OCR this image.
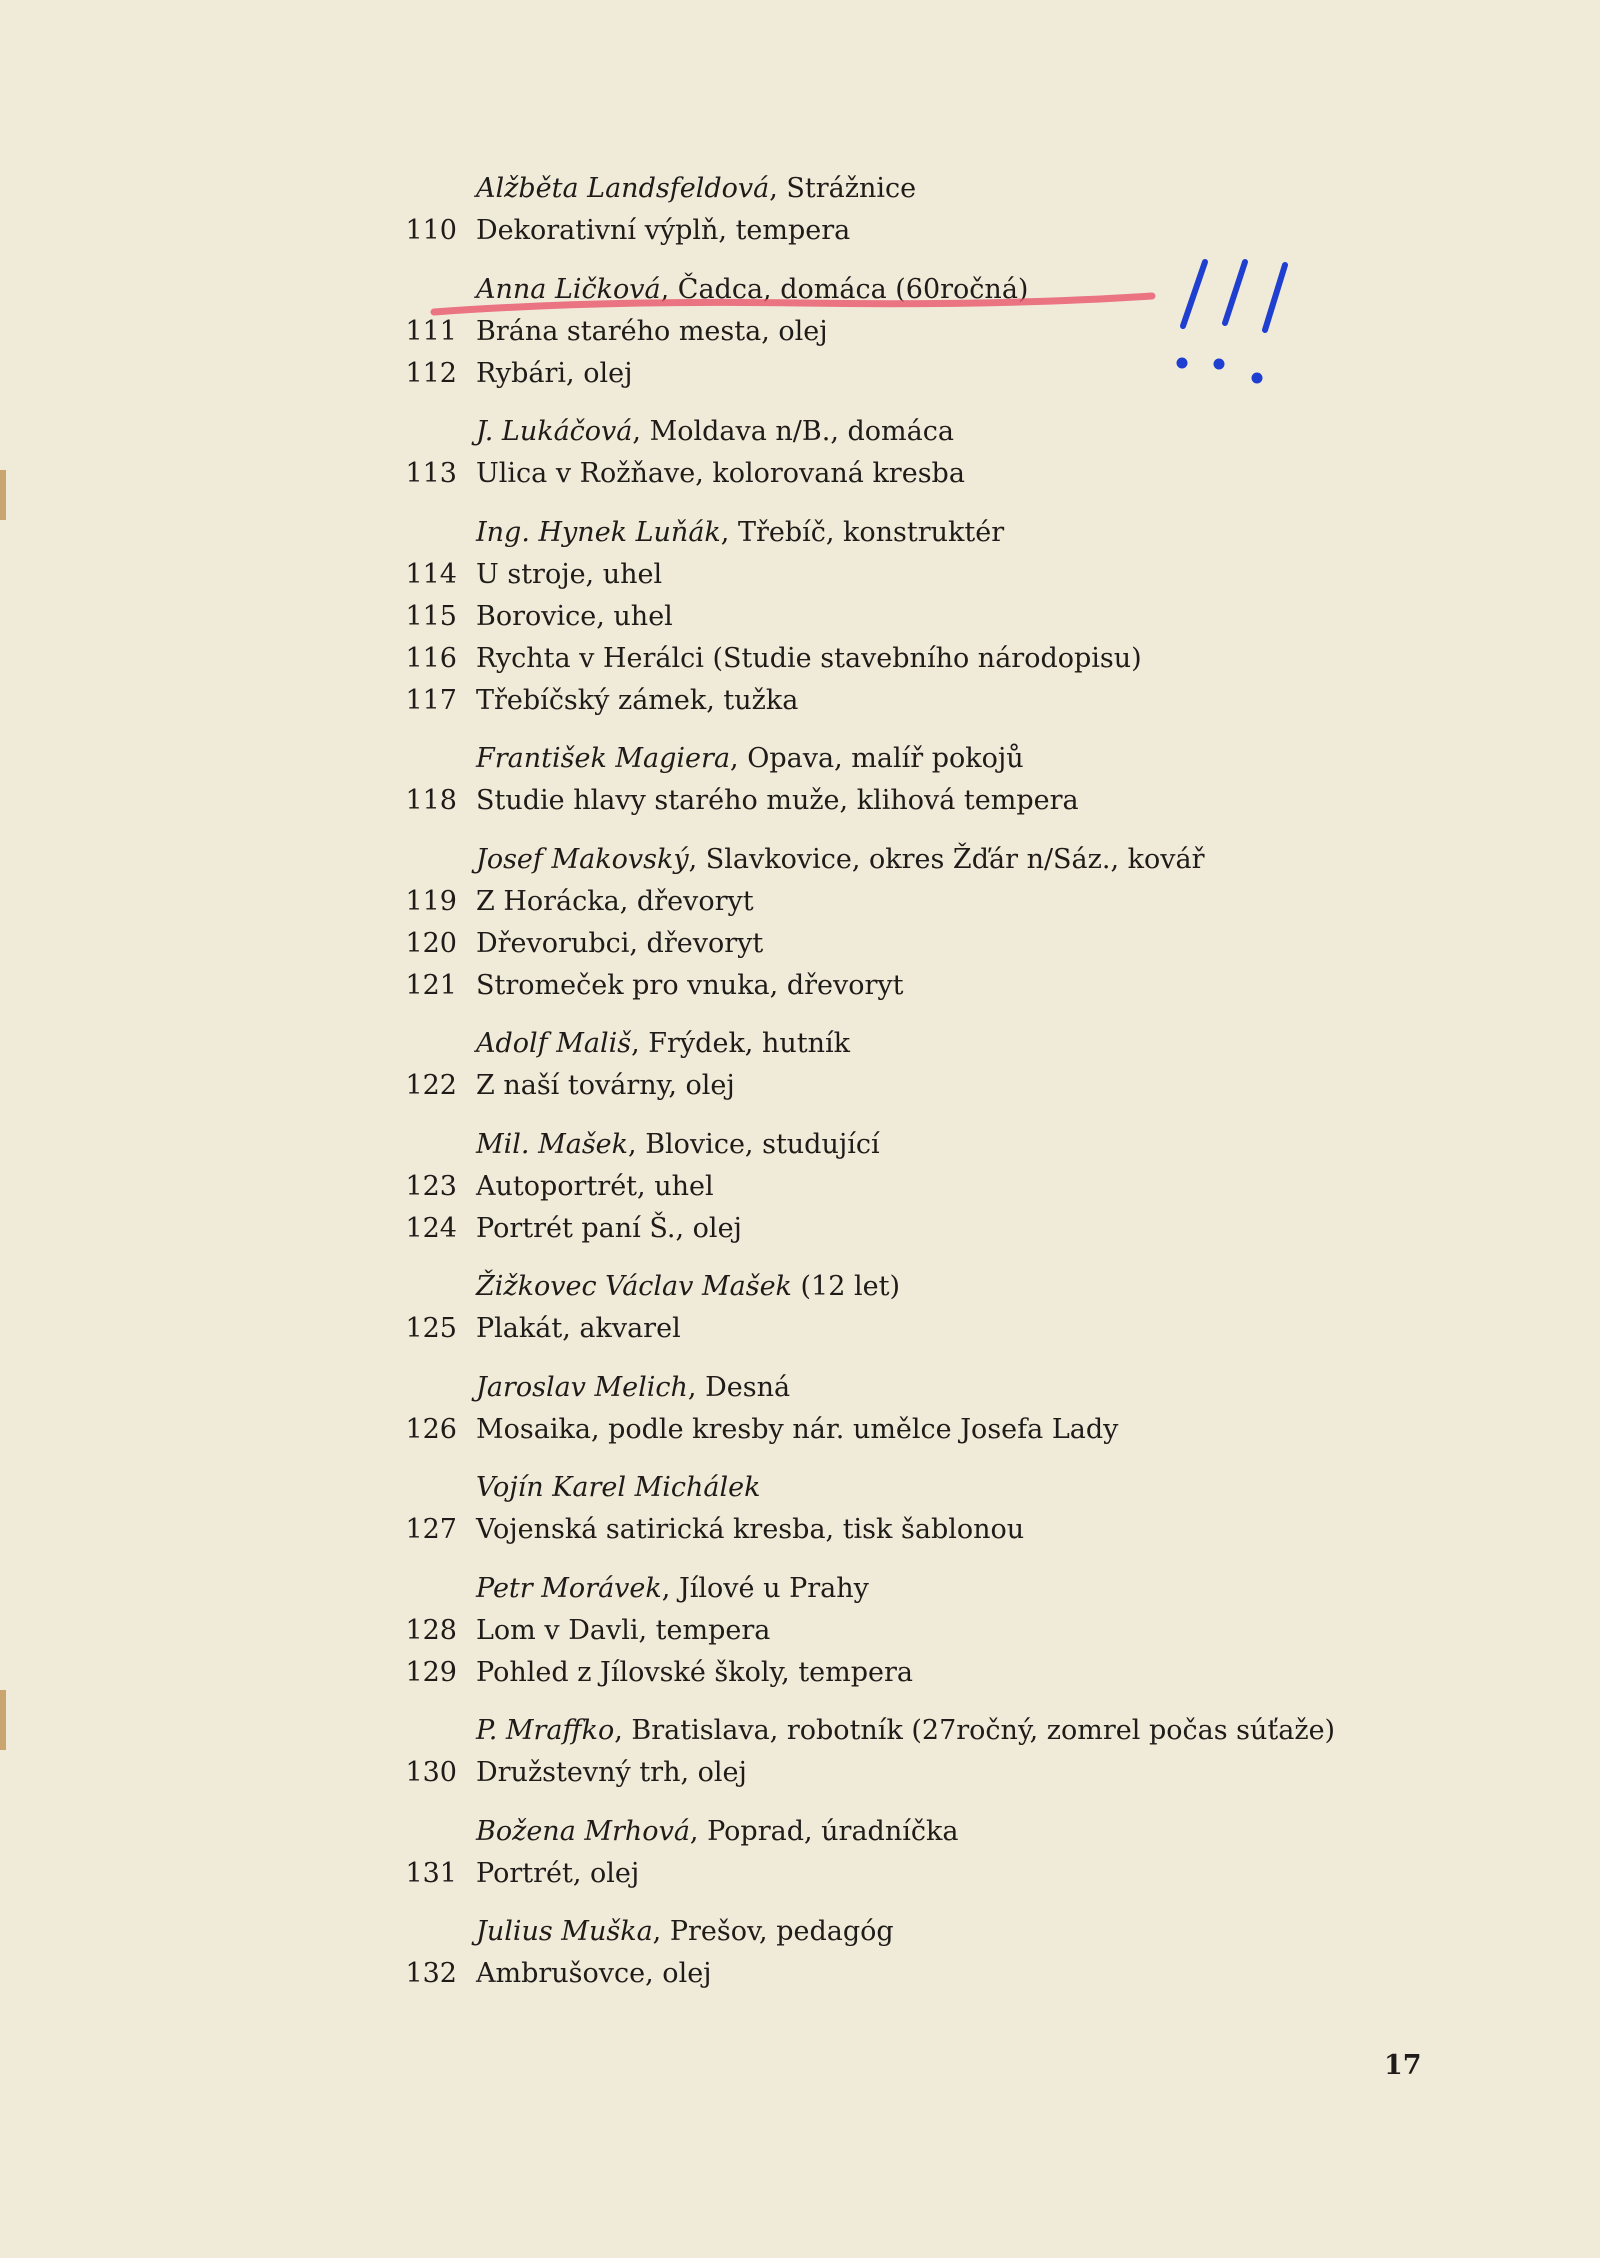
Alžběta Landsfeldová, Strážnice
110 Dekorativní výplň, tempera
Anna Ličková, Čadca, domáca (60ročná)
111 Brána starého mesta, olej
112 Rybári, olej
J. Lukáčová, Moldava n/B., domáca
113 Ulica v Rožňave, kolorovaná kresba
Ing. Hynek Luňák, Třebíč, konstruktér
114 U stroje, uhel
115 Borovice, uhel
116 Rychta v Herálci (Studie stavebního národopisu)
117 Třebíčský zámek, tužka
František Magiera, Opava, malíř pokojů
118 Studie hlavy starého muže, klihová tempera
Josef Makovský, Slavkovice, okres Žďár n/Sáz., kovář
119 Z Horácka, dřevoryt
120 Dřevorubci, dřevoryt
121 Stromeček pro vnuka, dřevoryt
Adolf Mališ, Frýdek, hutník
122 Z naší továrny, olej
Mil. Mašek, Blovice, studující
123 Autoportrét, uhel
124 Portrét paní Š., olej
Žižkovec Václav Mašek (12 let)
125 Plakát, akvarel
Jaroslav Melich, Desná
126 Mosaika, podle kresby nár. umělce Josefa Lady
Vojín Karel Michálek
127 Vojenská satirická kresba, tisk šablonou
Petr Morávek, Jílové u Prahy
128 Lom v Davli, tempera
129 Pohled z Jílovské školy, tempera
P. Mraffko, Bratislava, robotník (27ročný, zomrel počas súťaže)
130 Družstevný trh, olej
Božena Mrhová, Poprad, úradníčka
131 Portrét, olej
Julius Muška, Prešov, pedagóg
132 Ambrušovce, olej
17
